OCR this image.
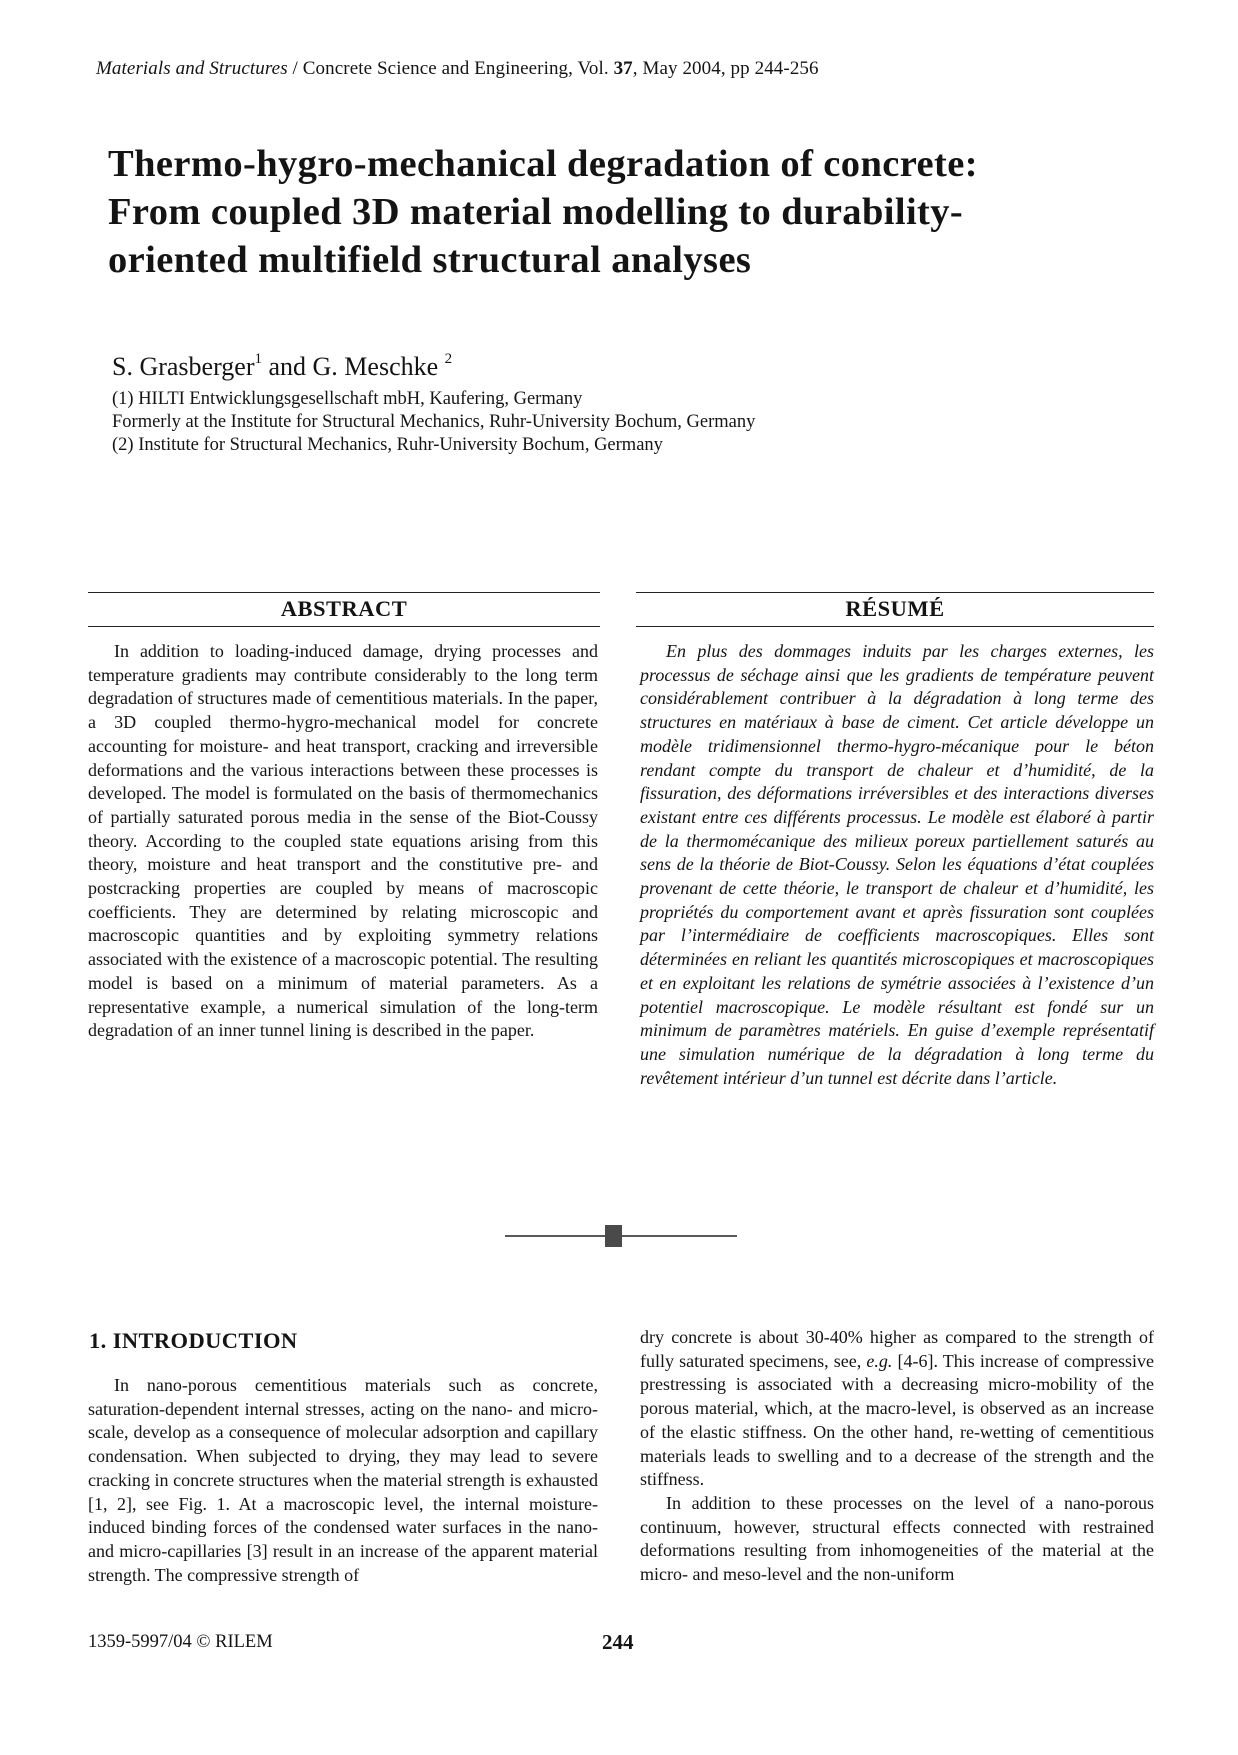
Materials and Structures / Concrete Science and Engineering, Vol. 37, May 2004, pp 244-256
Thermo-hygro-mechanical degradation of concrete:
From coupled 3D material modelling to durability-
oriented multifield structural analyses
S. Grasberger$^1$ and G. Meschke $^2$
(1) HILTI Entwicklungsgesellschaft mbH, Kaufering, Germany
Formerly at the Institute for Structural Mechanics, Ruhr-University Bochum, Germany
(2) Institute for Structural Mechanics, Ruhr-University Bochum, Germany
ABSTRACT

In addition to loading-induced damage, drying processes and temperature gradients may contribute considerably to the long term degradation of structures made of cementitious materials. In the paper, a 3D coupled thermo-hygro-mechanical model for concrete accounting for moisture- and heat transport, cracking and irreversible deformations and the various interactions between these processes is developed. The model is formulated on the basis of thermomechanics of partially saturated porous media in the sense of the Biot-Coussy theory. According to the coupled state equations arising from this theory, moisture and heat transport and the constitutive pre- and postcracking properties are coupled by means of macroscopic coefficients. They are determined by relating microscopic and macroscopic quantities and by exploiting symmetry relations associated with the existence of a macroscopic potential. The resulting model is based on a minimum of material parameters. As a representative example, a numerical simulation of the long-term degradation of an inner tunnel lining is described in the paper.

RÉSUMÉ

En plus des dommages induits par les charges externes, les processus de séchage ainsi que les gradients de température peuvent considérablement contribuer à la dégradation à long terme des structures en matériaux à base de ciment. Cet article développe un modèle tridimensionnel thermo-hygro-mécanique pour le béton rendant compte du transport de chaleur et d’humidité, de la fissuration, des déformations irréversibles et des interactions diverses existant entre ces différents processus. Le modèle est élaboré à partir de la thermomécanique des milieux poreux partiellement saturés au sens de la théorie de Biot-Coussy. Selon les équations d’état couplées provenant de cette théorie, le transport de chaleur et d’humidité, les propriétés du comportement avant et après fissuration sont couplées par l’intermédiaire de coefficients macroscopiques. Elles sont déterminées en reliant les quantités microscopiques et macroscopiques et en exploitant les relations de symétrie associées à l’existence d’un potentiel macroscopique. Le modèle résultant est fondé sur un minimum de paramètres matériels. En guise d’exemple représentatif une simulation numérique de la dégradation à long terme du revêtement intérieur d’un tunnel est décrite dans l’article.

1. INTRODUCTION

In nano-porous cementitious materials such as concrete, saturation-dependent internal stresses, acting on the nano- and micro-scale, develop as a consequence of molecular adsorption and capillary condensation. When subjected to drying, they may lead to severe cracking in concrete structures when the material strength is exhausted [1, 2], see Fig. 1. At a macroscopic level, the internal moisture-induced binding forces of the condensed water surfaces in the nano- and micro-capillaries [3] result in an increase of the apparent material strength. The compressive strength of

dry concrete is about 30-40% higher as compared to the strength of fully saturated specimens, see, e.g. [4-6]. This increase of compressive prestressing is associated with a decreasing micro-mobility of the porous material, which, at the macro-level, is observed as an increase of the elastic stiffness. On the other hand, re-wetting of cementitious materials leads to swelling and to a decrease of the strength and the stiffness.

In addition to these processes on the level of a nano-porous continuum, however, structural effects connected with restrained deformations resulting from inhomogeneities of the material at the micro- and meso-level and the non-uniform

1359-5997/04 © RILEM	244
